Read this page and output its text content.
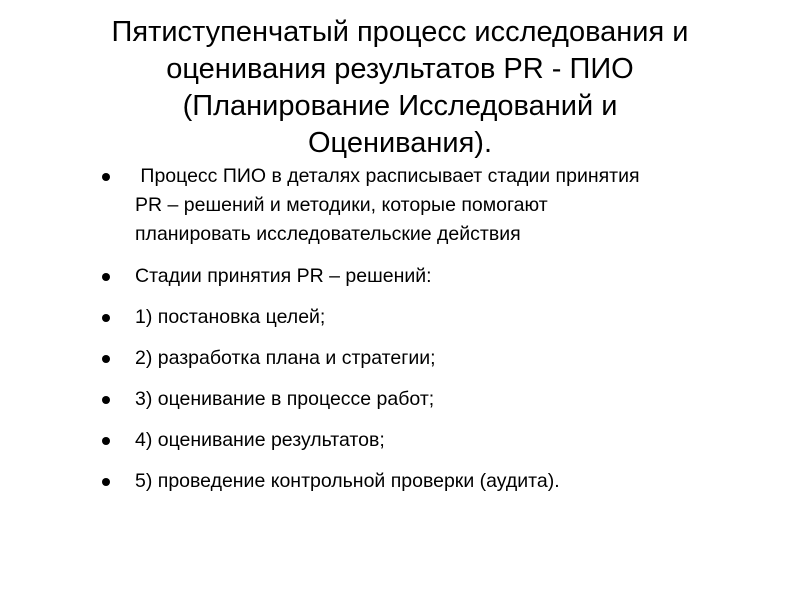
Пятиступенчатый процесс исследования и
оценивания результатов PR - ПИО
(Планирование Исследований и
Оценивания).
Процесс ПИО в деталях расписывает стадии принятия PR – решений и методики, которые помогают планировать исследовательские действия
Стадии принятия PR – решений:
1) постановка целей;
2) разработка плана и стратегии;
3) оценивание в процессе работ;
4) оценивание результатов;
5) проведение контрольной проверки (аудита).
